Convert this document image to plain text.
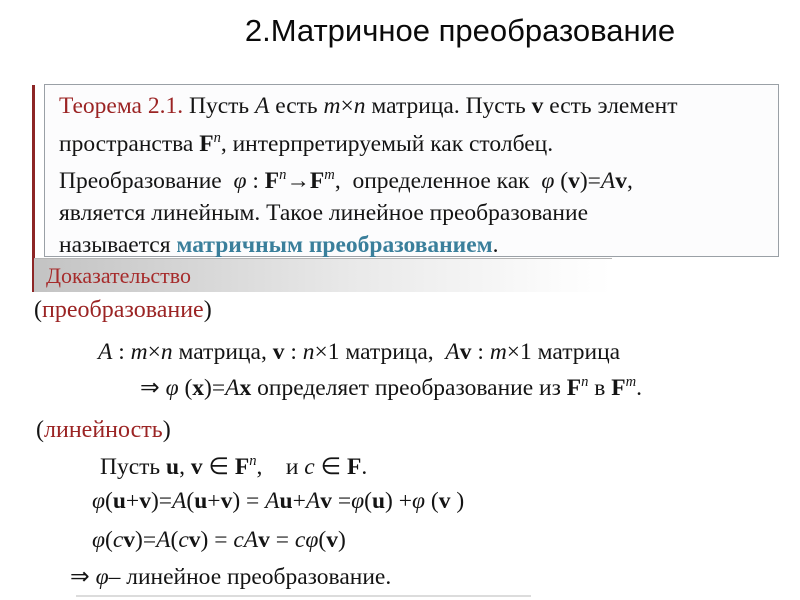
2.Матричное преобразование
Теорема 2.1. Пусть A есть m×n матрица. Пусть v есть элемент
пространства $F^n$, интерпретируемый как столбец.
Преобразование  φ : $F^n\to F^m$,  определенное как  φ (v)=Av,
является линейным. Такое линейное преобразование
называется матричным преобразованием.
Доказательство
(преобразование)
A : m×n матрица, v : n×1 матрица,  Av : m×1 матрица
⇒ φ (x)=Ax определяет преобразование из $F^n$ в $F^m$.
(линейность)
Пусть u, v ∈ $F^n$,    и c ∈ F.
φ(u+v)=A(u+v) = Au+Av =φ(u) +φ (v )
φ(cv)=A(cv) = cAv = cφ(v)
⇒ φ– линейное преобразование.
